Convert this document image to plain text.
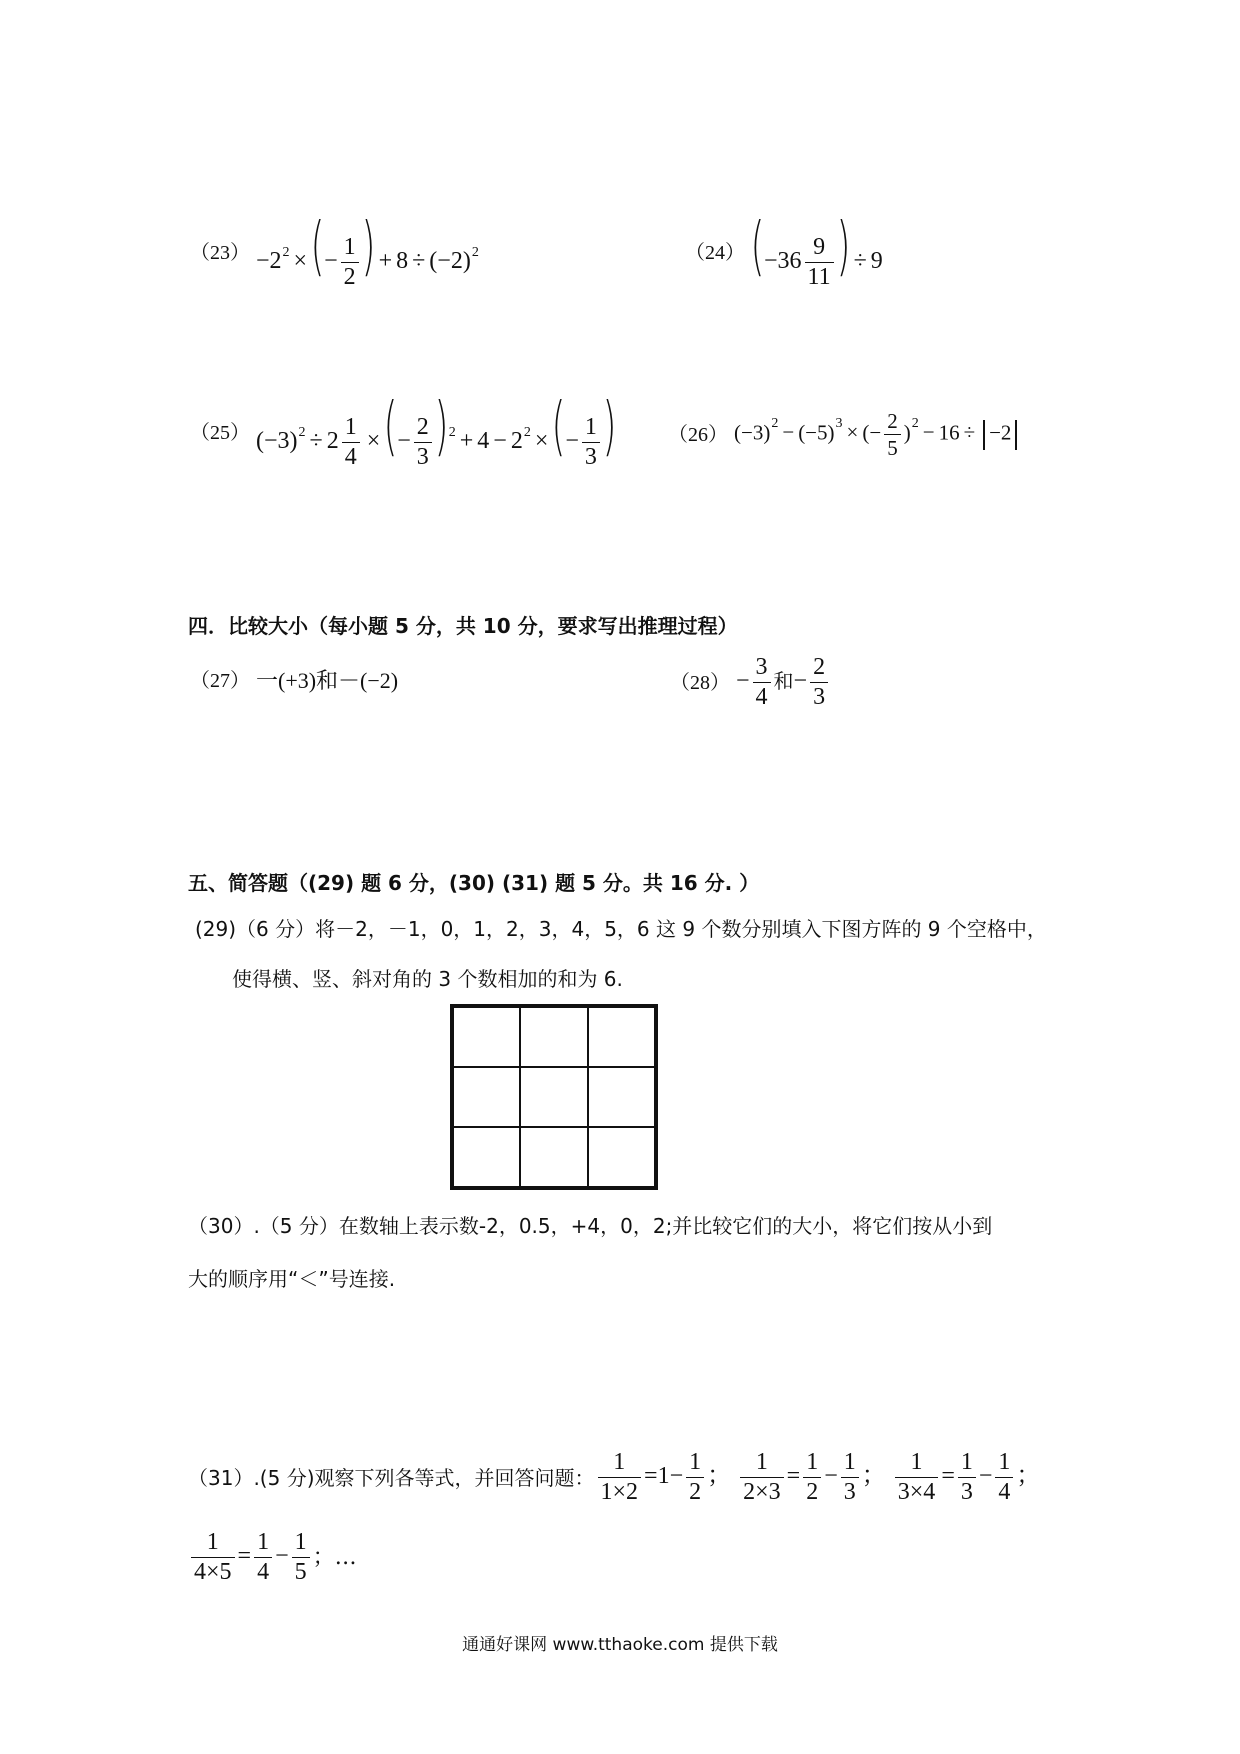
$(23) -2^2$ ×(− $\frac{1}{2}$ ) + $8 \div (-2)^2$	（24） ($-36 \frac{9}{11}$ ) ÷ 9
（25） $(-3)^2 \div 2 \frac{1}{4}$ ×(− $\frac{2}{3} )^2 + 4 - 2^2$ ×(− $\frac{1}{3}$ )	（26） $(-3)^2 - (-5)^3$ × (− $\frac{2}{5} )^2 - 16 \div -2$
四．比较大小（每小题 5 分，共 10 分，要求写出推理过程）
（27） 一(+3)和－(−2)	$(28) - \frac{3}{4}$ 和− $\frac{2}{3}$
五、简答题（(29) 题 6 分，(30) (31) 题 5 分。共 16 分. ）
(29)（6 分）将－2，－1，0，1，2，3，4，5，6 这 9 个数分别填入下图方阵的 9 个空格中，
使得横、竖、斜对角的 3 个数相加的和为 6.
（30）.（5 分）在数轴上表示数-2，0.5，+4，0，2;并比较它们的大小，将它们按从小到
大的顺序用“＜”号连接.
（31）.(5 分)观察下列各等式，并回答问题： $\frac{1}{1\times 2} =1- \frac{1}{2}$ ； $\frac{1}{2\times 3} = \frac{1}{2} - \frac{1}{3}$ ； $\frac{1}{3\times 4} = \frac{1}{3} - \frac{1}{4}$ ；
$\frac{1}{4\times 5} = \frac{1}{4} - \frac{1}{5}$ ；…
通通好课网 www.tthaoke.com 提供下载
